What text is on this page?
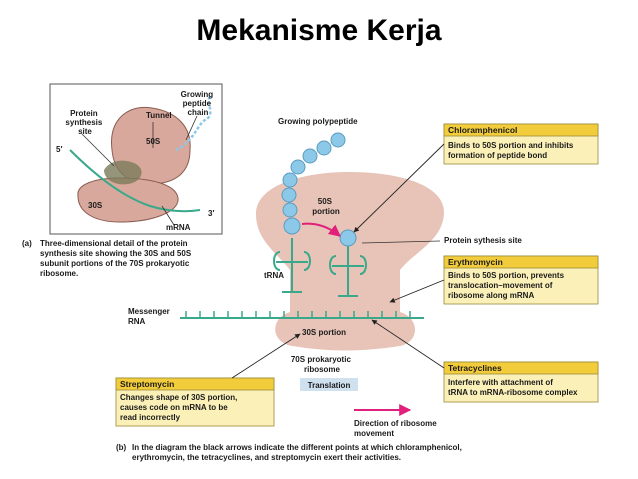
Mekanisme Kerja
Protein synthesis site
Tunnel
Growing peptide chain
5′
3′
50S
30S
mRNA
(a) Three-dimensional detail of the protein synthesis site showing the 30S and 50S subunit portions of the 70S prokaryotic ribosome.
Growing polypeptide
50S portion
tRNA
30S portion
Messenger RNA
70S prokaryotic ribosome
Translation
Protein sythesis site
Direction of ribosome movement
Chloramphenicol
Binds to 50S portion and inhibits formation of peptide bond
Erythromycin
Binds to 50S portion, prevents translocation–movement of ribosome along mRNA
Tetracyclines
Interfere with attachment of tRNA to mRNA-ribosome complex
Streptomycin
Changes shape of 30S portion, causes code on mRNA to be read incorrectly
(b) In the diagram the black arrows indicate the different points at which chloramphenicol, erythromycin, the tetracyclines, and streptomycin exert their activities.
